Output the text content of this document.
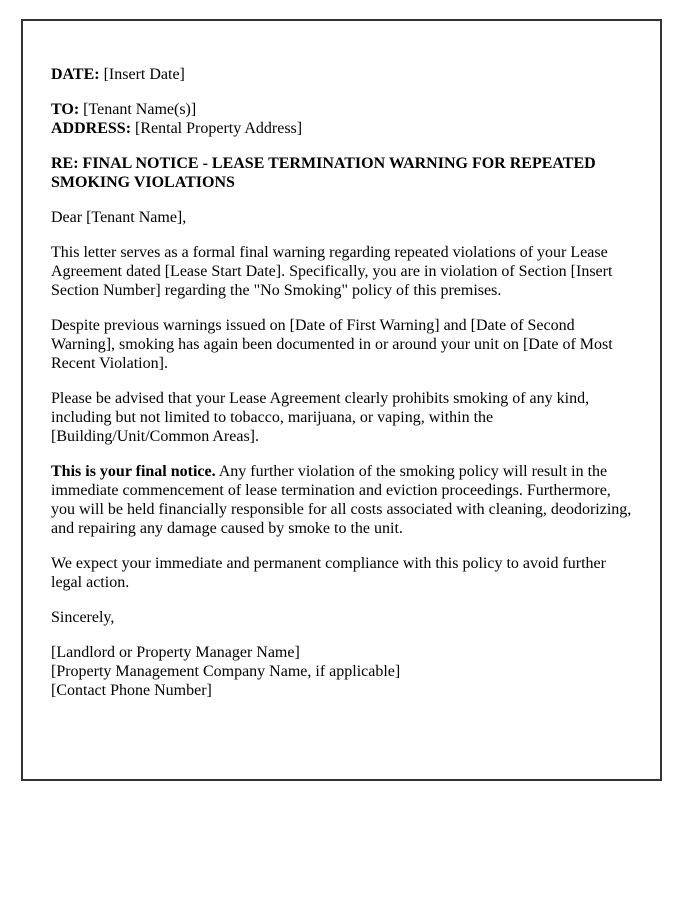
DATE: [Insert Date]

TO: [Tenant Name(s)]
ADDRESS: [Rental Property Address]

RE: FINAL NOTICE - LEASE TERMINATION WARNING FOR REPEATED SMOKING VIOLATIONS

Dear [Tenant Name],

This letter serves as a formal final warning regarding repeated violations of your Lease Agreement dated [Lease Start Date]. Specifically, you are in violation of Section [Insert Section Number] regarding the "No Smoking" policy of this premises.

Despite previous warnings issued on [Date of First Warning] and [Date of Second Warning], smoking has again been documented in or around your unit on [Date of Most Recent Violation].

Please be advised that your Lease Agreement clearly prohibits smoking of any kind, including but not limited to tobacco, marijuana, or vaping, within the [Building/Unit/Common Areas].

This is your final notice. Any further violation of the smoking policy will result in the immediate commencement of lease termination and eviction proceedings. Furthermore, you will be held financially responsible for all costs associated with cleaning, deodorizing, and repairing any damage caused by smoke to the unit.

We expect your immediate and permanent compliance with this policy to avoid further legal action.

Sincerely,

[Landlord or Property Manager Name]
[Property Management Company Name, if applicable]
[Contact Phone Number]
